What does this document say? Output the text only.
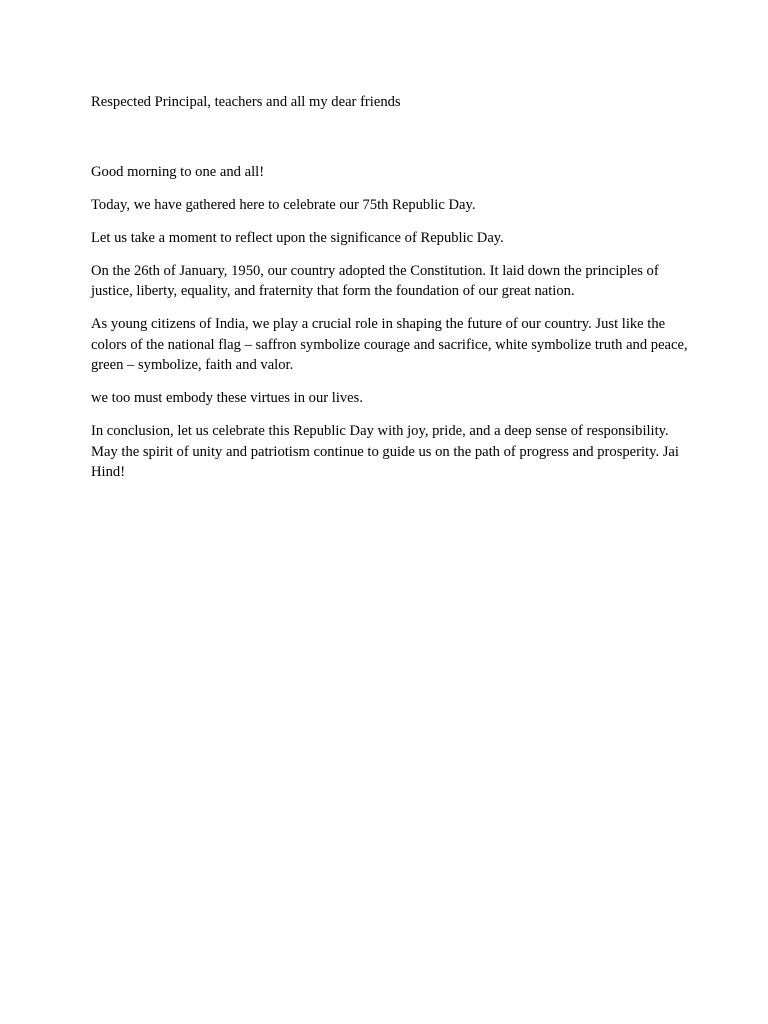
Respected Principal, teachers and all my dear friends

Good morning to one and all!

Today, we have gathered here to celebrate our 75th Republic Day.

Let us take a moment to reflect upon the significance of Republic Day.

On the 26th of January, 1950, our country adopted the Constitution. It laid down the principles of justice, liberty, equality, and fraternity that form the foundation of our great nation.

As young citizens of India, we play a crucial role in shaping the future of our country. Just like the colors of the national flag – saffron symbolize courage and sacrifice, white symbolize truth and peace, green – symbolize, faith and valor.

we too must embody these virtues in our lives.

In conclusion, let us celebrate this Republic Day with joy, pride, and a deep sense of responsibility. May the spirit of unity and patriotism continue to guide us on the path of progress and prosperity. Jai Hind!
